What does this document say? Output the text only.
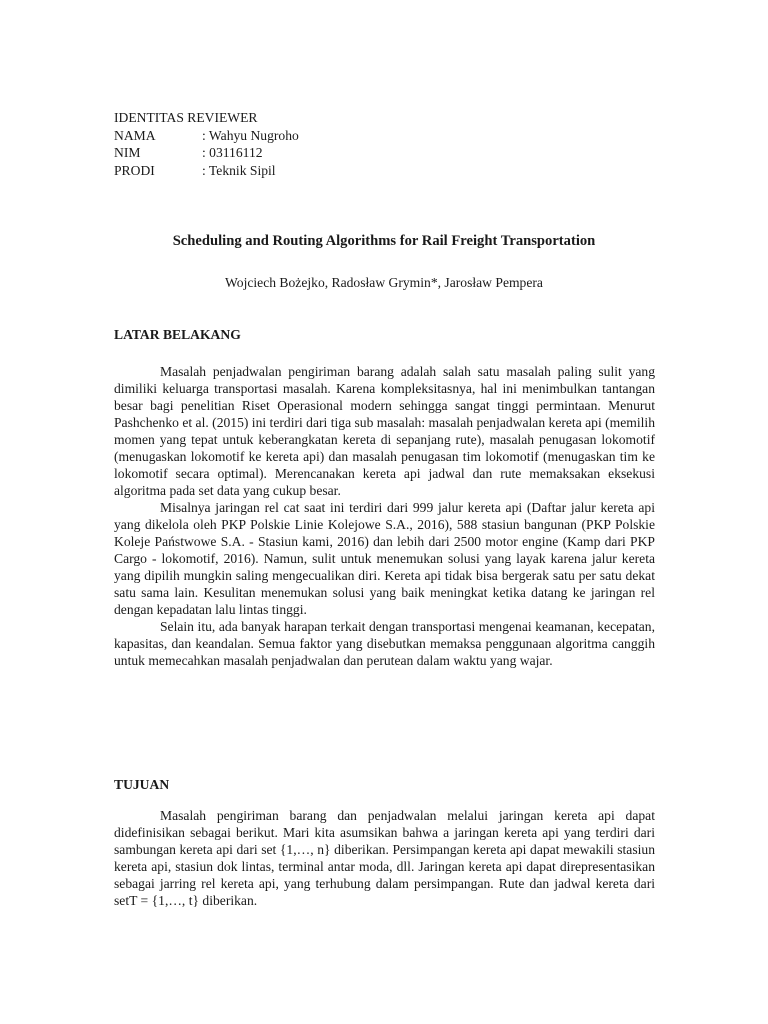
IDENTITAS REVIEWER
NAMA	: Wahyu Nugroho
NIM	: 03116112
PRODI	: Teknik Sipil
Scheduling and Routing Algorithms for Rail Freight Transportation
Wojciech Bożejko, Radosław Grymin*, Jarosław Pempera
LATAR BELAKANG

Masalah penjadwalan pengiriman barang adalah salah satu masalah paling sulit yang dimiliki keluarga transportasi masalah. Karena kompleksitasnya, hal ini menimbulkan tantangan besar bagi penelitian Riset Operasional modern sehingga sangat tinggi permintaan. Menurut Pashchenko et al. (2015) ini terdiri dari tiga sub masalah: masalah penjadwalan kereta api (memilih momen yang tepat untuk keberangkatan kereta di sepanjang rute), masalah penugasan lokomotif (menugaskan lokomotif ke kereta api) dan masalah penugasan tim lokomotif (menugaskan tim ke lokomotif secara optimal). Merencanakan kereta api jadwal dan rute memaksakan eksekusi algoritma pada set data yang cukup besar.

Misalnya jaringan rel cat saat ini terdiri dari 999 jalur kereta api (Daftar jalur kereta api yang dikelola oleh PKP Polskie Linie Kolejowe S.A., 2016), 588 stasiun bangunan (PKP Polskie Koleje Państwowe S.A. - Stasiun kami, 2016) dan lebih dari 2500 motor engine (Kamp dari PKP Cargo - lokomotif, 2016). Namun, sulit untuk menemukan solusi yang layak karena jalur kereta yang dipilih mungkin saling mengecualikan diri. Kereta api tidak bisa bergerak satu per satu dekat satu sama lain. Kesulitan menemukan solusi yang baik meningkat ketika datang ke jaringan rel dengan kepadatan lalu lintas tinggi.

Selain itu, ada banyak harapan terkait dengan transportasi mengenai keamanan, kecepatan, kapasitas, dan keandalan. Semua faktor yang disebutkan memaksa penggunaan algoritma canggih untuk memecahkan masalah penjadwalan dan perutean dalam waktu yang wajar.

TUJUAN

Masalah pengiriman barang dan penjadwalan melalui jaringan kereta api dapat didefinisikan sebagai berikut. Mari kita asumsikan bahwa a jaringan kereta api yang terdiri dari sambungan kereta api dari set {1,…, n} diberikan. Persimpangan kereta api dapat mewakili stasiun kereta api, stasiun dok lintas, terminal antar moda, dll. Jaringan kereta api dapat direpresentasikan sebagai jarring rel kereta api, yang terhubung dalam persimpangan. Rute dan jadwal kereta dari setT = {1,…, t} diberikan.
